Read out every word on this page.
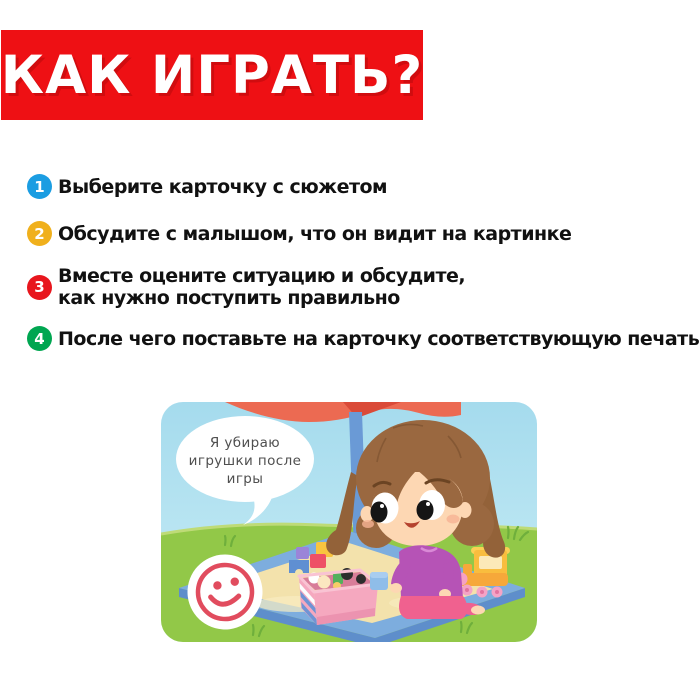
КАК ИГРАТЬ?
1 Выберите карточку с сюжетом
2 Обсудите с малышом, что он видит на картинке
3 Вместе оцените ситуацию и обсудите,
как нужно поступить правильно
4 После чего поставьте на карточку соответствующую печать
Я убираю
игрушки после
игры
